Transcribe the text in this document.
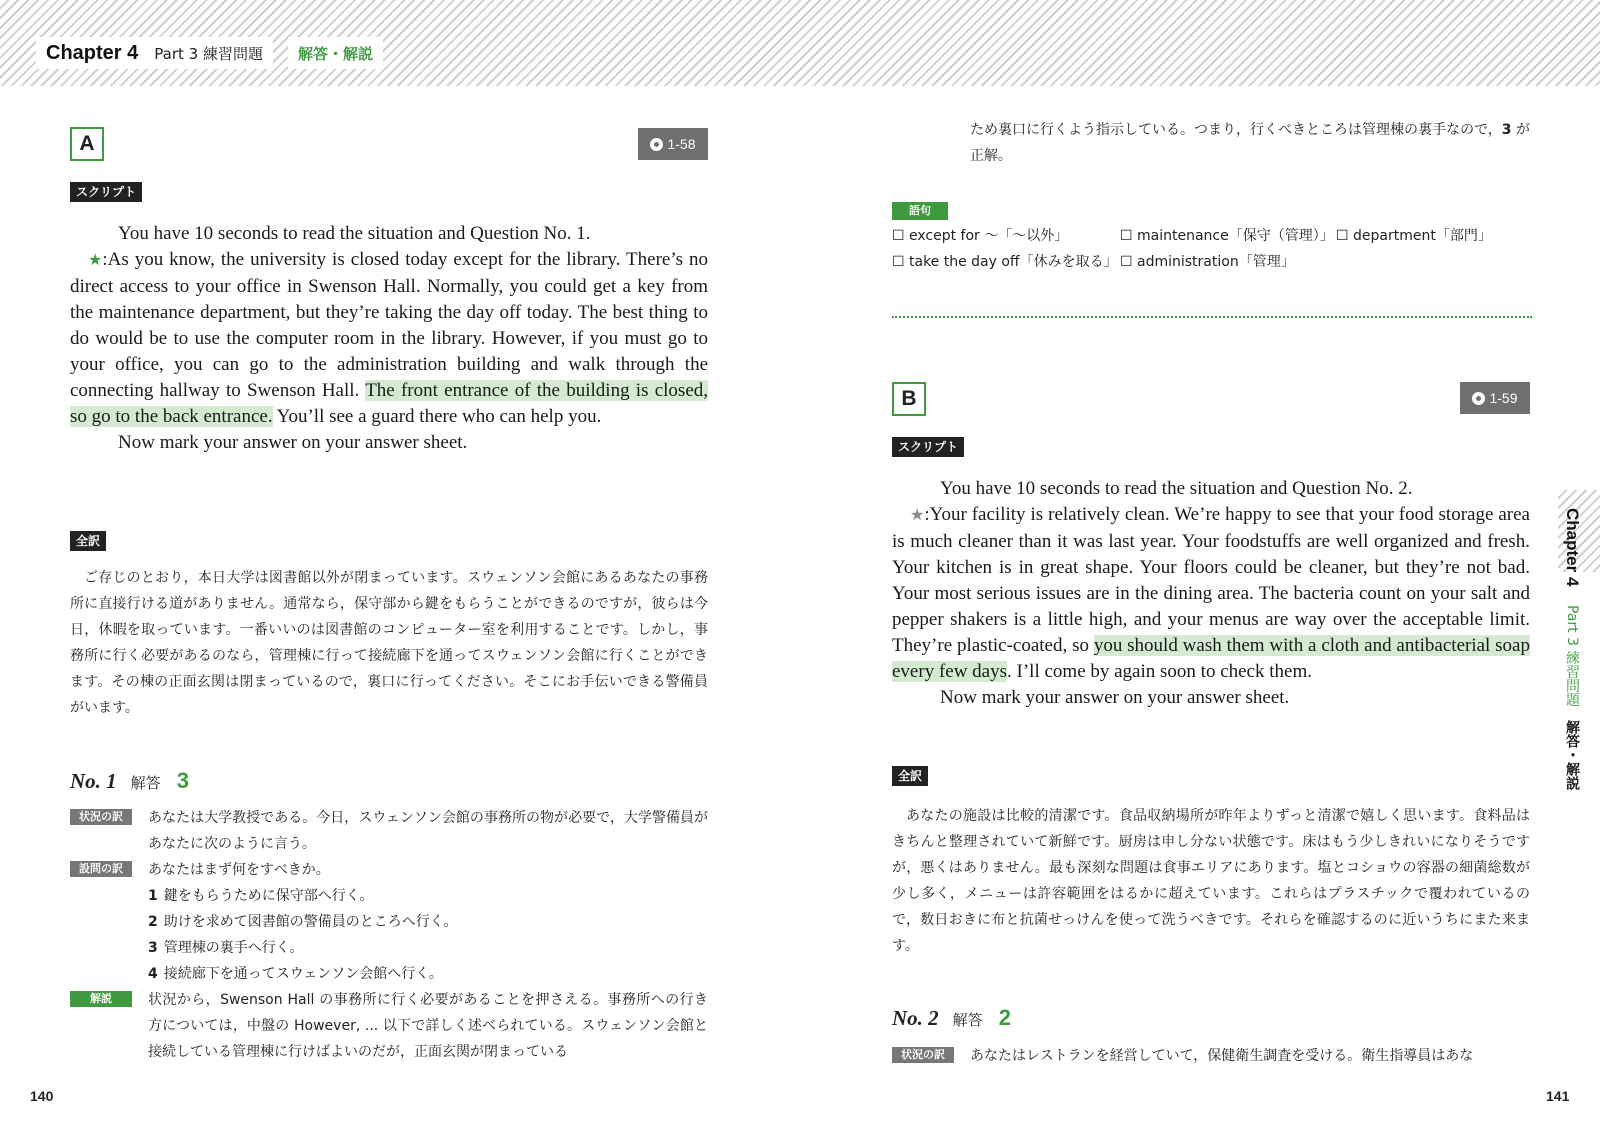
Chapter 4 Part 3 練習問題	解答・解説
A	1-58
スクリプト

You have 10 seconds to read the situation and Question No. 1.

★:As you know, the university is closed today except for the library. There’s no direct access to your office in Swenson Hall. Normally, you could get a key from the maintenance department, but they’re taking the day off today. The best thing to do would be to use the computer room in the library. However, if you must go to your office, you can go to the administration building and walk through the connecting hallway to Swenson Hall. The front entrance of the building is closed, so go to the back entrance. You’ll see a guard there who can help you.

Now mark your answer on your answer sheet.

全訳

ご存じのとおり，本日大学は図書館以外が閉まっています。スウェンソン会館にあるあなたの事務所に直接行ける道がありません。通常なら，保守部から鍵をもらうことができるのですが，彼らは今日，休暇を取っています。一番いいのは図書館のコンピューター室を利用することです。しかし，事務所に行く必要があるのなら，管理棟に行って接続廊下を通ってスウェンソン会館に行くことができます。その棟の正面玄関は閉まっているので，裏口に行ってください。そこにお手伝いできる警備員がいます。

No. 1 解答 3
状況の訳	あなたは大学教授である。今日，スウェンソン会館の事務所の物が必要で，大学警備員があなたに次のように言う。
設問の訳	あなたはまず何をすべきか。
1 鍵をもらうために保守部へ行く。
2 助けを求めて図書館の警備員のところへ行く。
3 管理棟の裏手へ行く。
4 接続廊下を通ってスウェンソン会館へ行く。
解説	状況から，Swenson Hall の事務所に行く必要があることを押さえる。事務所への行き方については，中盤の However, ... 以下で詳しく述べられている。スウェンソン会館と接続している管理棟に行けばよいのだが，正面玄関が閉まっている
140

ため裏口に行くよう指示している。つまり，行くべきところは管理棟の裏手なので，3 が正解。

語句
☐ except for ～「～以外」	☐ maintenance「保守（管理）」 ☐ department「部門」
☐ take the day off「休みを取る」 ☐ administration「管理」
B	1-59
スクリプト

You have 10 seconds to read the situation and Question No. 2.

★:Your facility is relatively clean. We’re happy to see that your food storage area is much cleaner than it was last year. Your foodstuffs are well organized and fresh. Your kitchen is in great shape. Your floors could be cleaner, but they’re not bad. Your most serious issues are in the dining area. The bacteria count on your salt and pepper shakers is a little high, and your menus are way over the acceptable limit. They’re plastic-coated, so you should wash them with a cloth and antibacterial soap every few days. I’ll come by again soon to check them.

Now mark your answer on your answer sheet.

全訳

あなたの施設は比較的清潔です。食品収納場所が昨年よりずっと清潔で嬉しく思います。食料品はきちんと整理されていて新鮮です。厨房は申し分ない状態です。床はもう少しきれいになりそうですが，悪くはありません。最も深刻な問題は食事エリアにあります。塩とコショウの容器の細菌総数が少し多く，メニューは許容範囲をはるかに超えています。これらはプラスチックで覆われているので，数日おきに布と抗菌せっけんを使って洗うべきです。それらを確認するのに近いうちにまた来ます。

No. 2 解答 2
状況の訳	あなたはレストランを経営していて，保健衛生調査を受ける。衛生指導員はあな
Chapter 4 Part 3 練習問題 解答・解説
141
